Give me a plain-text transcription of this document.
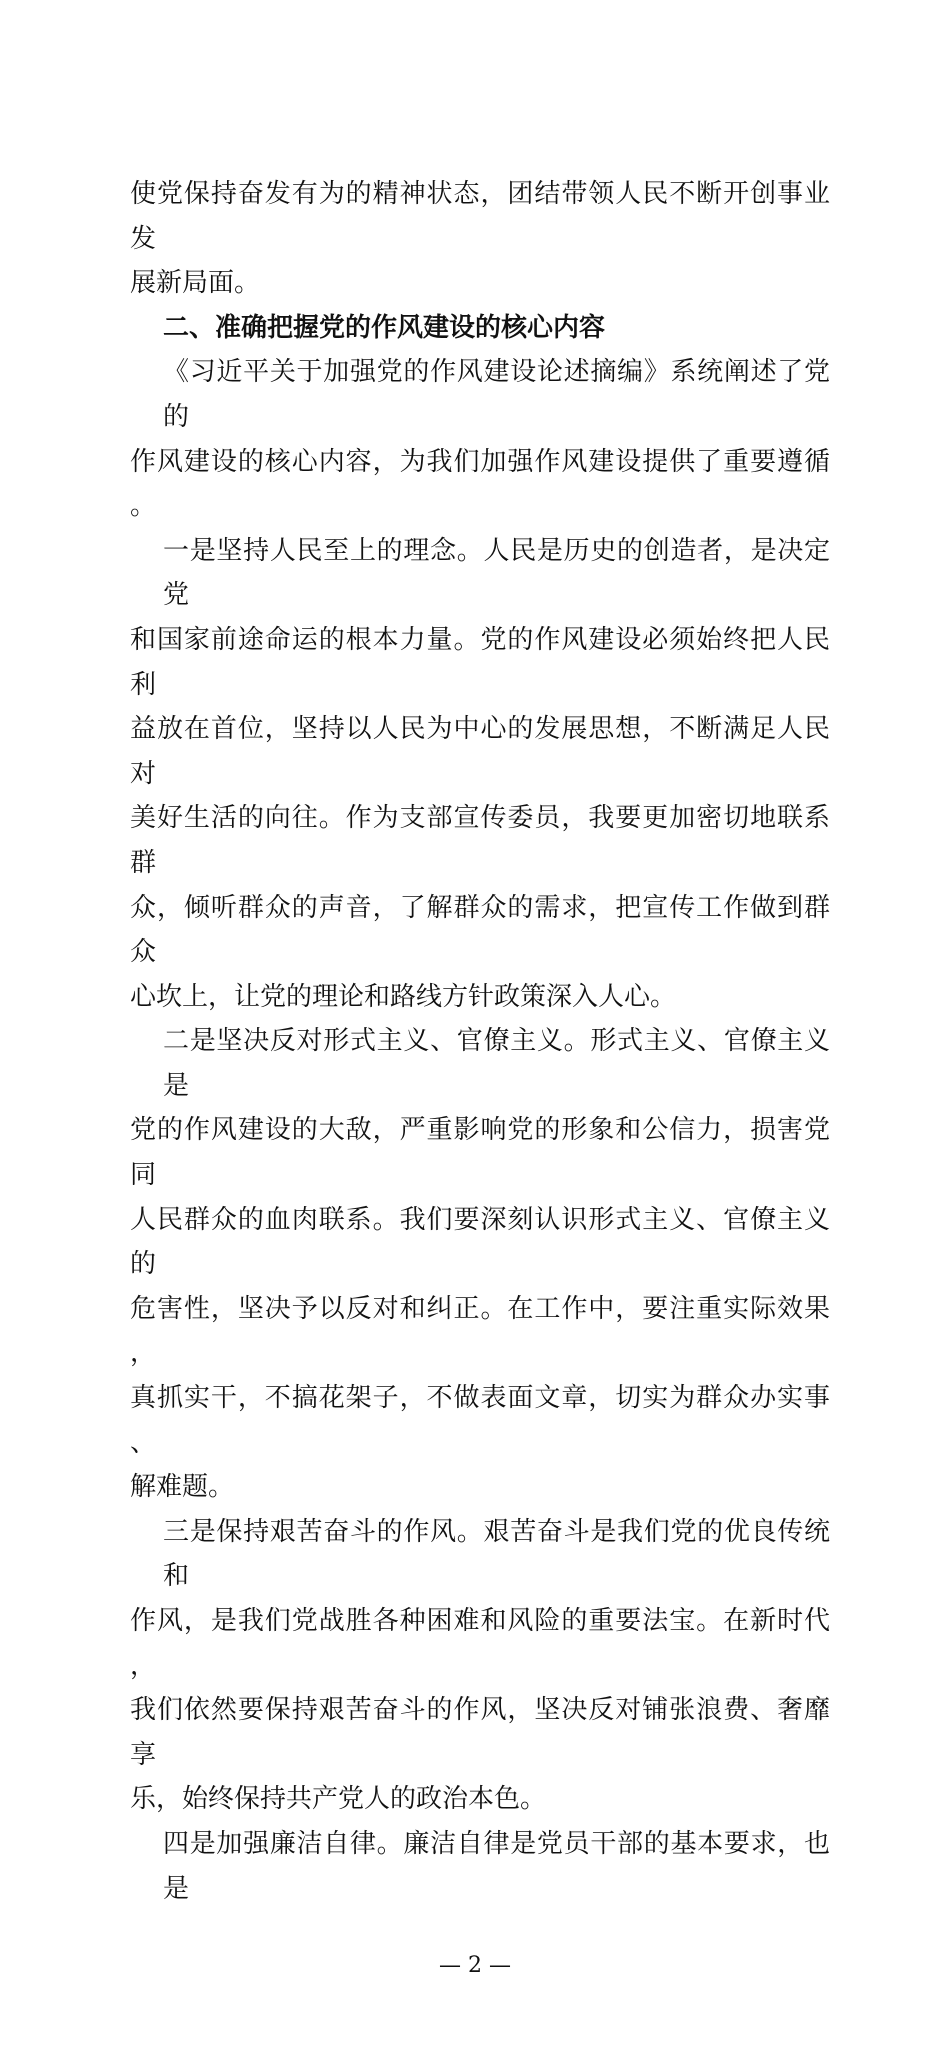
使党保持奋发有为的精神状态，团结带领人民不断开创事业发
展新局面。
二、准确把握党的作风建设的核心内容
《习近平关于加强党的作风建设论述摘编》系统阐述了党的
作风建设的核心内容，为我们加强作风建设提供了重要遵循。
一是坚持人民至上的理念。人民是历史的创造者，是决定党
和国家前途命运的根本力量。党的作风建设必须始终把人民利
益放在首位，坚持以人民为中心的发展思想，不断满足人民对
美好生活的向往。作为支部宣传委员，我要更加密切地联系群
众，倾听群众的声音，了解群众的需求，把宣传工作做到群众
心坎上，让党的理论和路线方针政策深入人心。
二是坚决反对形式主义、官僚主义。形式主义、官僚主义是
党的作风建设的大敌，严重影响党的形象和公信力，损害党同
人民群众的血肉联系。我们要深刻认识形式主义、官僚主义的
危害性，坚决予以反对和纠正。在工作中，要注重实际效果，
真抓实干，不搞花架子，不做表面文章，切实为群众办实事、
解难题。
三是保持艰苦奋斗的作风。艰苦奋斗是我们党的优良传统和
作风，是我们党战胜各种困难和风险的重要法宝。在新时代，
我们依然要保持艰苦奋斗的作风，坚决反对铺张浪费、奢靡享
乐，始终保持共产党人的政治本色。
四是加强廉洁自律。廉洁自律是党员干部的基本要求，也是
— 2 —
